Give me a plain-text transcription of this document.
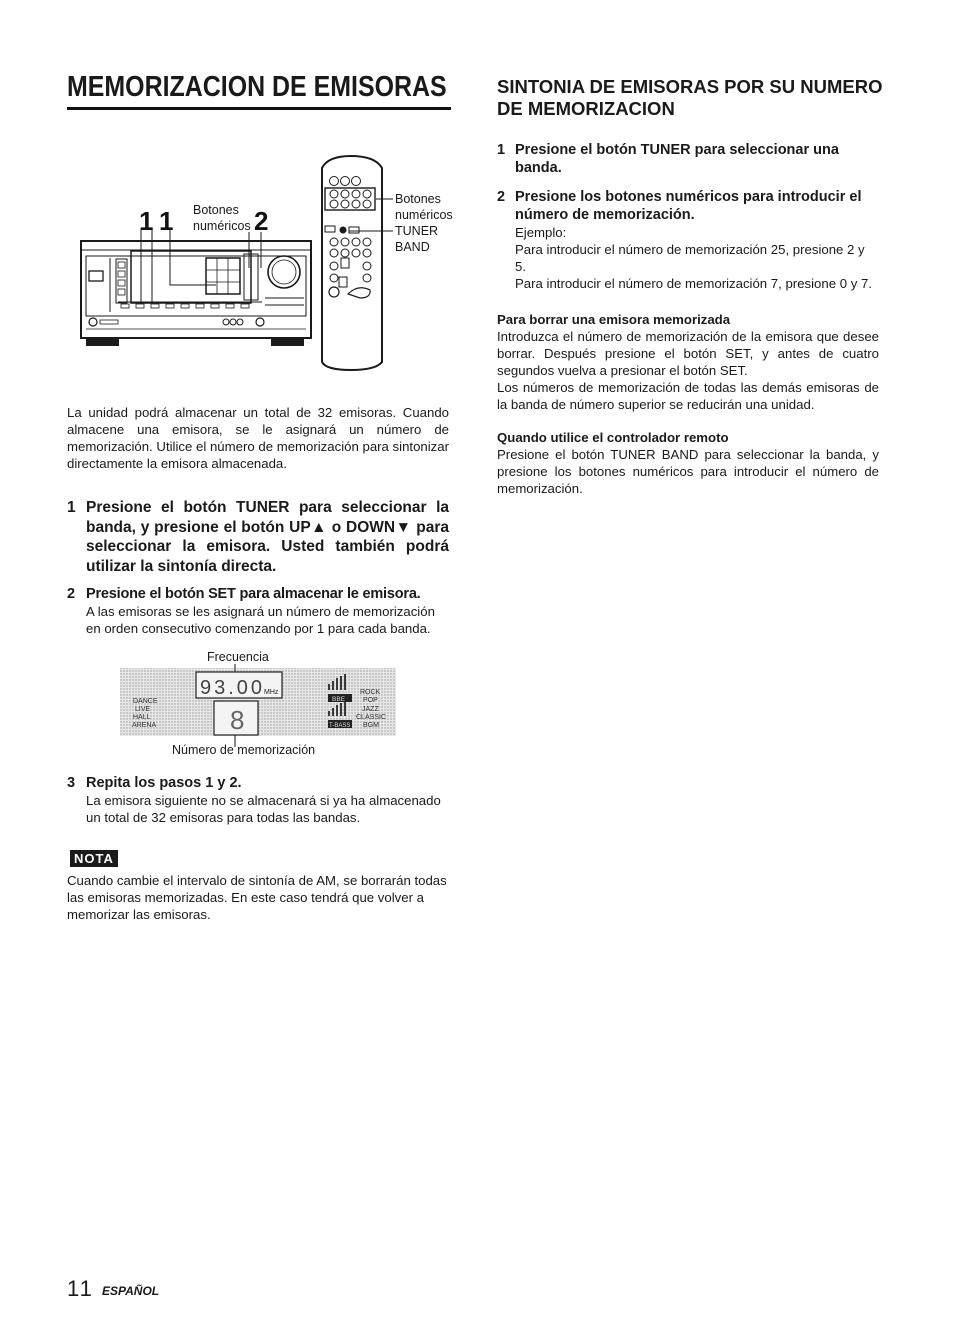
MEMORIZACION DE EMISORAS	SINTONIA DE EMISORAS POR SU NUMERO DE MEMORIZACION
1 1	2
Botones
numéricos
Botones
numéricos
TUNER
BAND

La unidad podrá almacenar un total de 32 emisoras. Cuando almacene una emisora, se le asignará un número de memorización. Utilice el número de memorización para sintonizar directamente la emisora almacenada.

1 Presione el botón TUNER para seleccionar la banda, y presione el botón UP▲ o DOWN▼ para seleccionar la emisora. Usted también podrá utilizar la sintonía directa.
2 Presione el botón SET para almacenar le emisora.

A las emisoras se les asignará un número de memorización en orden consecutivo comenzando por 1 para cada banda.

Frecuencia
93.00
MHz
8
DANCE
LIVE
HALL
ARENA
ROCK
POP
JAZZ
CLASSIC
BGM
BBE
T-BASS
Número de memorización
3 Repita los pasos 1 y 2.

La emisora siguiente no se almacenará si ya ha almacenado un total de 32 emisoras para todas las bandas.

NOTA

Cuando cambie el intervalo de sintonía de AM, se borrarán todas las emisoras memorizadas. En este caso tendrá que volver a memorizar las emisoras.

1 Presione el botón TUNER para seleccionar una banda.
2 Presione los botones numéricos para introducir el número de memorización.

Ejemplo:

Para introducir el número de memorización 25, presione 2 y 5.

Para introducir el número de memorización 7, presione 0 y 7.

Para borrar una emisora memorizada

Introduzca el número de memorización de la emisora que desee borrar. Después presione el botón SET, y antes de cuatro segundos vuelva a presionar el botón SET.

Los números de memorización de todas las demás emisoras de la banda de número superior se reducirán una unidad.

Quando utilice el controlador remoto

Presione el botón TUNER BAND para seleccionar la banda, y presione los botones numéricos para introducir el número de memorización.

11 ESPAÑOL
